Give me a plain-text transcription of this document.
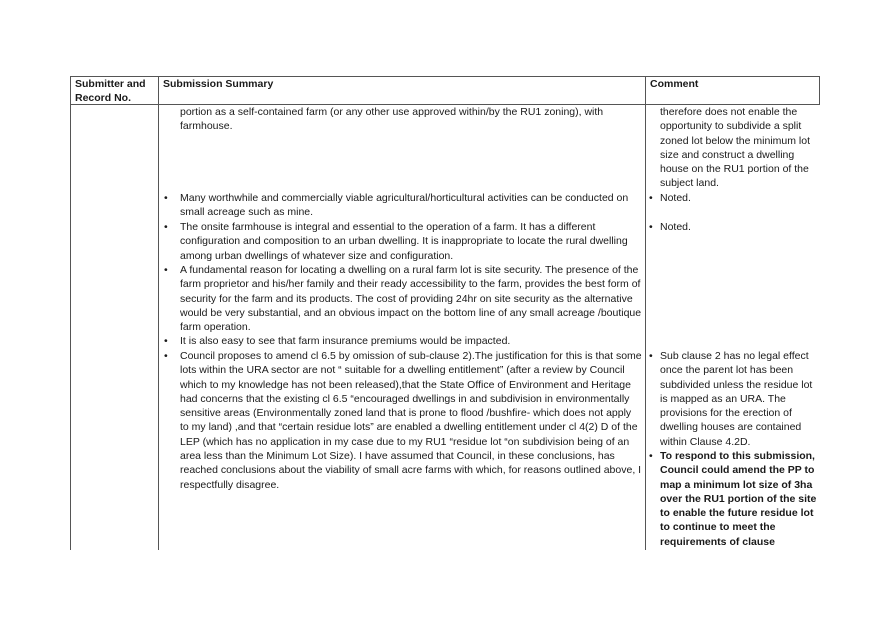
Submitter and Record No.
Submission Summary	Comment
portion as a self-contained farm (or any other use approved within/by the RU1 zoning), with farmhouse.
• Many worthwhile and commercially viable agricultural/horticultural activities can be conducted on small acreage such as mine.
• The onsite farmhouse is integral and essential to the operation of a farm. It has a different configuration and composition to an urban dwelling. It is inappropriate to locate the rural dwelling among urban dwellings of whatever size and configuration.
• A fundamental reason for locating a dwelling on a rural farm lot is site security. The presence of the farm proprietor and his/her family and their ready accessibility to the farm, provides the best form of security for the farm and its products. The cost of providing 24hr on site security as the alternative would be very substantial, and an obvious impact on the bottom line of any small acreage /boutique farm operation.
• It is also easy to see that farm insurance premiums would be impacted.
• Council proposes to amend cl 6.5 by omission of sub-clause 2).The justification for this is that some lots within the URA sector are not “ suitable for a dwelling entitlement” (after a review by Council which to my knowledge has not been released),that the State Office of Environment and Heritage had concerns that the existing cl 6.5 “encouraged dwellings in and subdivision in environmentally sensitive areas (Environmentally zoned land that is prone to flood /bushfire- which does not apply to my land) ,and that “certain residue lots” are enabled a dwelling entitlement under cl 4(2) D of the LEP (which has no application in my case due to my RU1 “residue lot “on subdivision being of an area less than the Minimum Lot Size). I have assumed that Council, in these conclusions, has reached conclusions about the viability of small acre farms with which, for reasons outlined above, I respectfully disagree.
therefore does not enable the opportunity to subdivide a split zoned lot below the minimum lot size and construct a dwelling house on the RU1 portion of the subject land.
• Noted.
• Noted.
• Sub clause 2 has no legal effect once the parent lot has been subdivided unless the residue lot is mapped as an URA. The provisions for the erection of dwelling houses are contained within Clause 4.2D.
• To respond to this submission, Council could amend the PP to map a minimum lot size of 3ha over the RU1 portion of the site to enable the future residue lot to continue to meet the requirements of clause
